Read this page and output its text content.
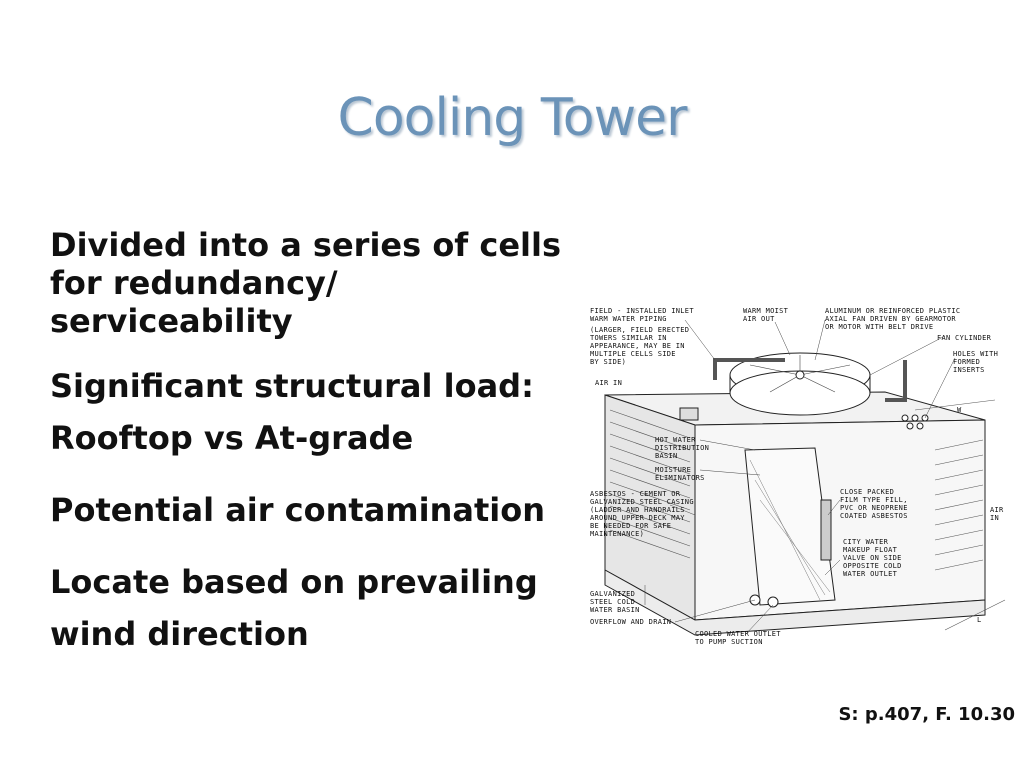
Cooling Tower

Divided into a series of cells for redundancy/ serviceability

Significant structural load: Rooftop vs At-grade

Potential air contamination

Locate based on prevailing wind direction

FIELD - INSTALLED INLET
WARM WATER PIPING
(LARGER, FIELD ERECTED
TOWERS SIMILAR IN
APPEARANCE, MAY BE IN
MULTIPLE CELLS SIDE
BY SIDE)
WARM MOIST
AIR OUT
ALUMINUM OR REINFORCED PLASTIC
AXIAL FAN DRIVEN BY GEARMOTOR
OR MOTOR WITH BELT DRIVE
FAN CYLINDER
HOLES WITH
FORMED
INSERTS
AIR IN
HOT WATER
DISTRIBUTION
BASIN
MOISTURE
ELIMINATORS
ASBESTOS - CEMENT OR
GALVANIZED STEEL CASING
(LADDER AND HANDRAILS
AROUND UPPER DECK MAY
BE NEEDED FOR SAFE
MAINTENANCE)
CLOSE PACKED
FILM TYPE FILL,
PVC OR NEOPRENE
COATED ASBESTOS
AIR
IN
CITY WATER
MAKEUP FLOAT
VALVE ON SIDE
OPPOSITE COLD
WATER OUTLET
GALVANIZED
STEEL COLD
WATER BASIN
OVERFLOW AND DRAIN
COOLED WATER OUTLET
TO PUMP SUCTION
W
L
S: p.407, F. 10.30
